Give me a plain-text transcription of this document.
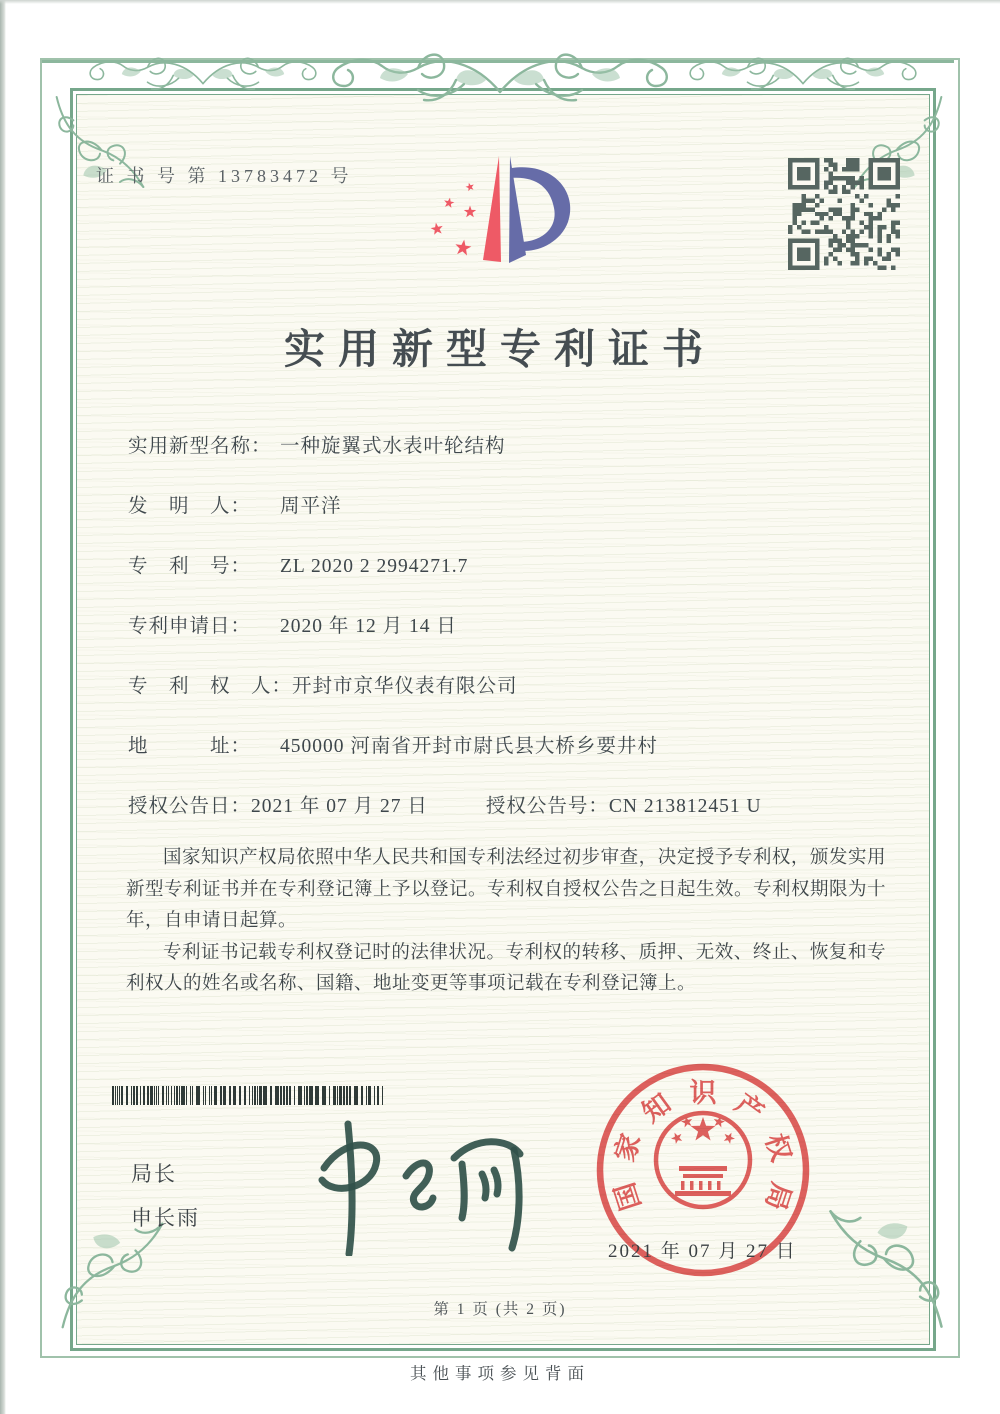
证 书 号 第 13783472 号
实用新型专利证书
实用新型名称： 一种旋翼式水表叶轮结构
发　明　人： 周平洋
专　利　号： ZL 2020 2 2994271.7
专利申请日： 2020 年 12 月 14 日
专　利　权　人：开封市京华仪表有限公司
地　　　址： 450000 河南省开封市尉氏县大桥乡要井村
授权公告日：2021 年 07 月 27 日	授权公告号：CN 213812451 U

国家知识产权局依照中华人民共和国专利法经过初步审查，决定授予专利权，颁发实用新型专利证书并在专利登记簿上予以登记。专利权自授权公告之日起生效。专利权期限为十年，自申请日起算。

专利证书记载专利权登记时的法律状况。专利权的转移、质押、无效、终止、恢复和专利权人的姓名或名称、国籍、地址变更等事项记载在专利登记簿上。

局长
申长雨
国
家
知 识 产
权
局
2021 年 07 月 27 日
第 1 页 (共 2 页)
其他事项参见背面
